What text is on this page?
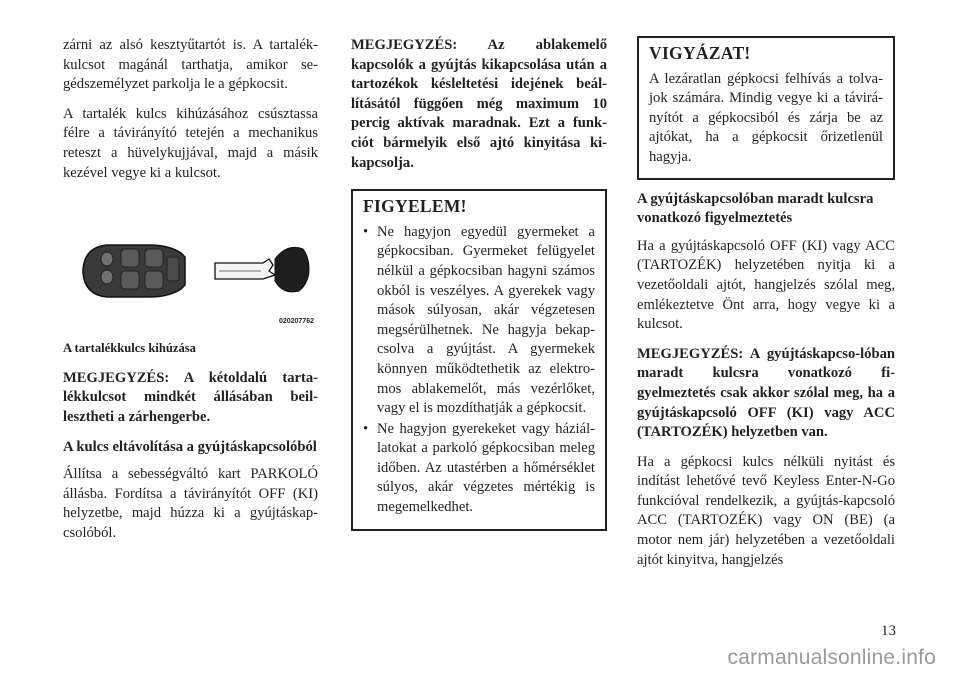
zárni az alsó kesztyűtartót is. A tartalék-kulcsot magánál tarthatja, amikor se-gédszemélyzet parkolja le a gépkocsit.

A tartalék kulcs kihúzásához csúsztassa félre a távirányító tetején a mechanikus reteszt a hüvelykujjával, majd a másik kezével vegye ki a kulcsot.

020207762

A tartalékkulcs kihúzása

MEGJEGYZÉS: A kétoldalú tarta-lékkulcsot mindkét állásában beil-lesztheti a zárhengerbe.

A kulcs eltávolítása a gyújtáskapcsolóból

Állítsa a sebességváltó kart PARKOLÓ állásba. Fordítsa a távirányítót OFF (KI) helyzetbe, majd húzza ki a gyújtáskap-csolóból.

MEGJEGYZÉS: Az ablakemelő kapcsolók a gyújtás kikapcsolása után a tartozékok késleltetési idejének beál-lításától függően még maximum 10 percig aktívak maradnak. Ezt a funk-ciót bármelyik első ajtó kinyitása ki-kapcsolja.

FIGYELEM!
• Ne hagyjon egyedül gyermeket a gépkocsiban. Gyermeket felügyelet nélkül a gépkocsiban hagyni számos okból is veszélyes. A gyerekek vagy mások súlyosan, akár végzetesen megsérülhetnek. Ne hagyja bekap-csolva a gyújtást. A gyermekek könnyen működtethetik az elektro-mos ablakemelőt, más vezérlőket, vagy el is mozdíthatják a gépkocsit.
• Ne hagyjon gyerekeket vagy háziál-latokat a parkoló gépkocsiban meleg időben. Az utastérben a hőmérséklet súlyos, akár végzetes mértékig is megemelkedhet.
VIGYÁZAT!

A lezáratlan gépkocsi felhívás a tolva-jok számára. Mindig vegye ki a távirá-nyítót a gépkocsiból és zárja be az ajtókat, ha a gépkocsit őrizetlenül hagyja.

A gyújtáskapcsolóban maradt kulcsra vonatkozó figyelmeztetés

Ha a gyújtáskapcsoló OFF (KI) vagy ACC (TARTOZÉK) helyzetében nyitja ki a vezetőoldali ajtót, hangjelzés szólal meg, emlékeztetve Önt arra, hogy vegye ki a kulcsot.

MEGJEGYZÉS: A gyújtáskapcso-lóban maradt kulcsra vonatkozó fi-gyelmeztetés csak akkor szólal meg, ha a gyújtáskapcsoló OFF (KI) vagy ACC (TARTOZÉK) helyzetben van.

Ha a gépkocsi kulcs nélküli nyitást és indítást lehetővé tevő Keyless Enter-N-Go funkcióval rendelkezik, a gyújtás-kapcsoló ACC (TARTOZÉK) vagy ON (BE) (a motor nem jár) helyzetében a vezetőoldali ajtót kinyitva, hangjelzés

13
carmanualsonline.info
